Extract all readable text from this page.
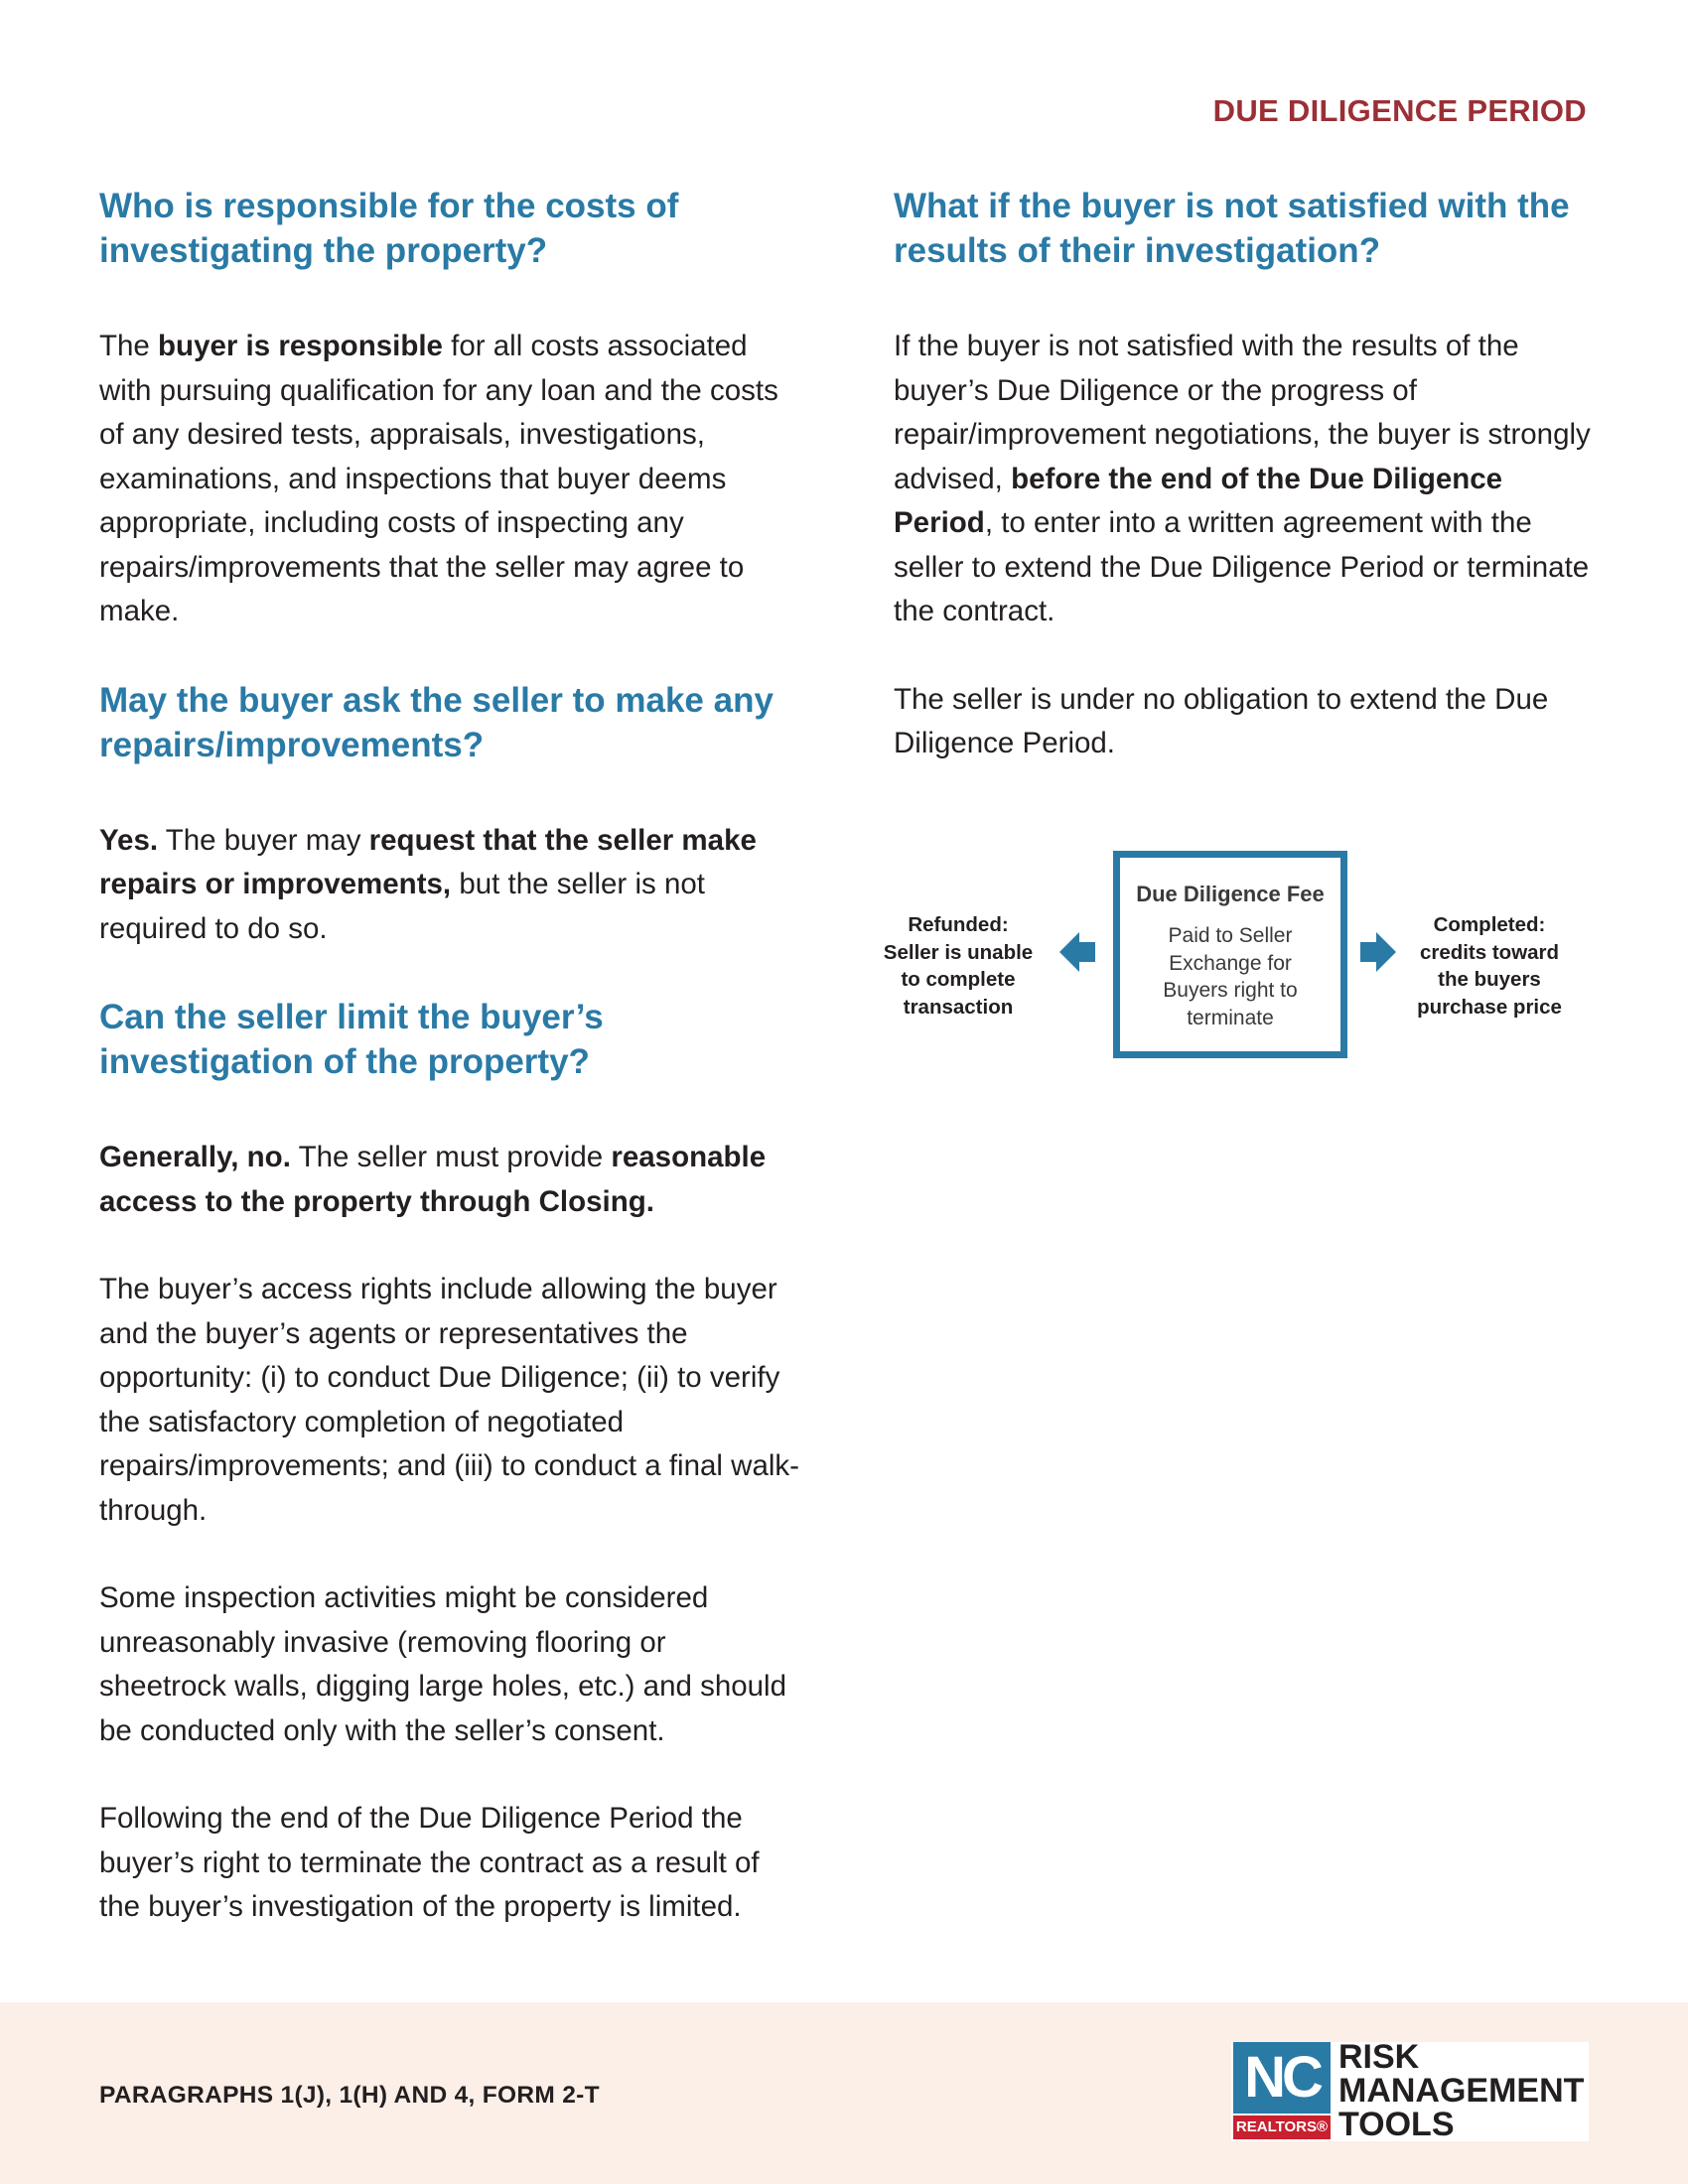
DUE DILIGENCE PERIOD
Who is responsible for the costs of investigating the property?

The buyer is responsible for all costs associated with pursuing qualification for any loan and the costs of any desired tests, appraisals, investigations, examinations, and inspections that buyer deems appropriate, including costs of inspecting any repairs/improvements that the seller may agree to make.

May the buyer ask the seller to make any repairs/improvements?

Yes. The buyer may request that the seller make repairs or improvements, but the seller is not required to do so.

Can the seller limit the buyer’s investigation of the property?

Generally, no. The seller must provide reasonable access to the property through Closing.

The buyer’s access rights include allowing the buyer and the buyer’s agents or representatives the opportunity: (i) to conduct Due Diligence; (ii) to verify the satisfactory completion of negotiated repairs/improvements; and (iii) to conduct a final walk-through.

Some inspection activities might be considered unreasonably invasive (removing flooring or sheetrock walls, digging large holes, etc.) and should be conducted only with the seller’s consent.

Following the end of the Due Diligence Period the buyer’s right to terminate the contract as a result of the buyer’s investigation of the property is limited.

What if the buyer is not satisfied with the results of their investigation?

If the buyer is not satisfied with the results of the buyer’s Due Diligence or the progress of repair/improvement negotiations, the buyer is strongly advised, before the end of the Due Diligence Period, to enter into a written agreement with the seller to extend the Due Diligence Period or terminate the contract.

The seller is under no obligation to extend the Due Diligence Period.

Refunded:
Seller is unable
to complete
transaction
Due Diligence Fee
Paid to Seller
Exchange for
Buyers right to
terminate
Completed:
credits toward
the buyers
purchase price
PARAGRAPHS 1(J), 1(H) AND 4, FORM 2-T	NC
REALTORS®
RISK
MANAGEMENT
TOOLS
